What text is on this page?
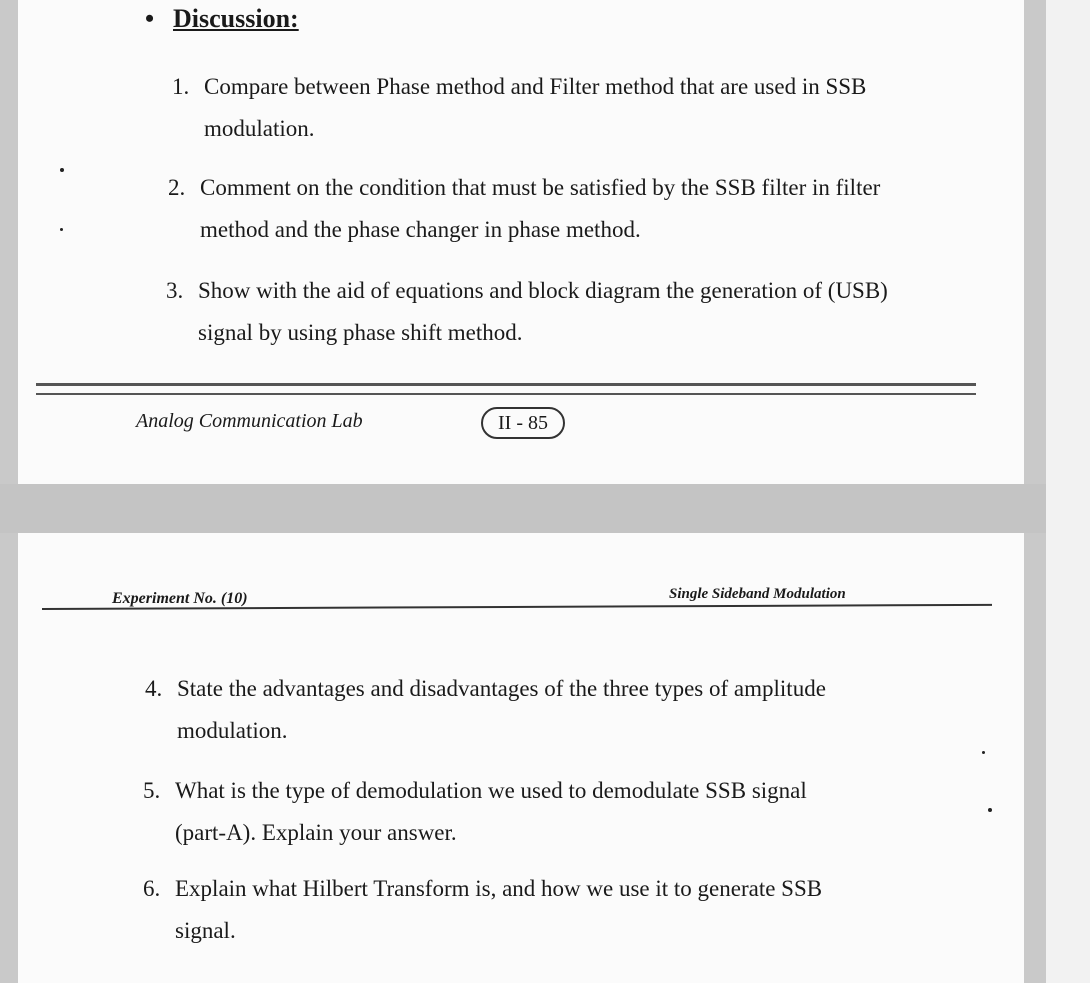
• Discussion:
1. Compare between Phase method and Filter method that are used in SSB
modulation.
2. Comment on the condition that must be satisfied by the SSB filter in filter
method and the phase changer in phase method.
3. Show with the aid of equations and block diagram the generation of (USB)
signal by using phase shift method.
Analog Communication Lab	II - 85
Experiment No. (10)	Single Sideband Modulation
4. State the advantages and disadvantages of the three types of amplitude
modulation.
5. What is the type of demodulation we used to demodulate SSB signal
(part-A). Explain your answer.
6. Explain what Hilbert Transform is, and how we use it to generate SSB
signal.
